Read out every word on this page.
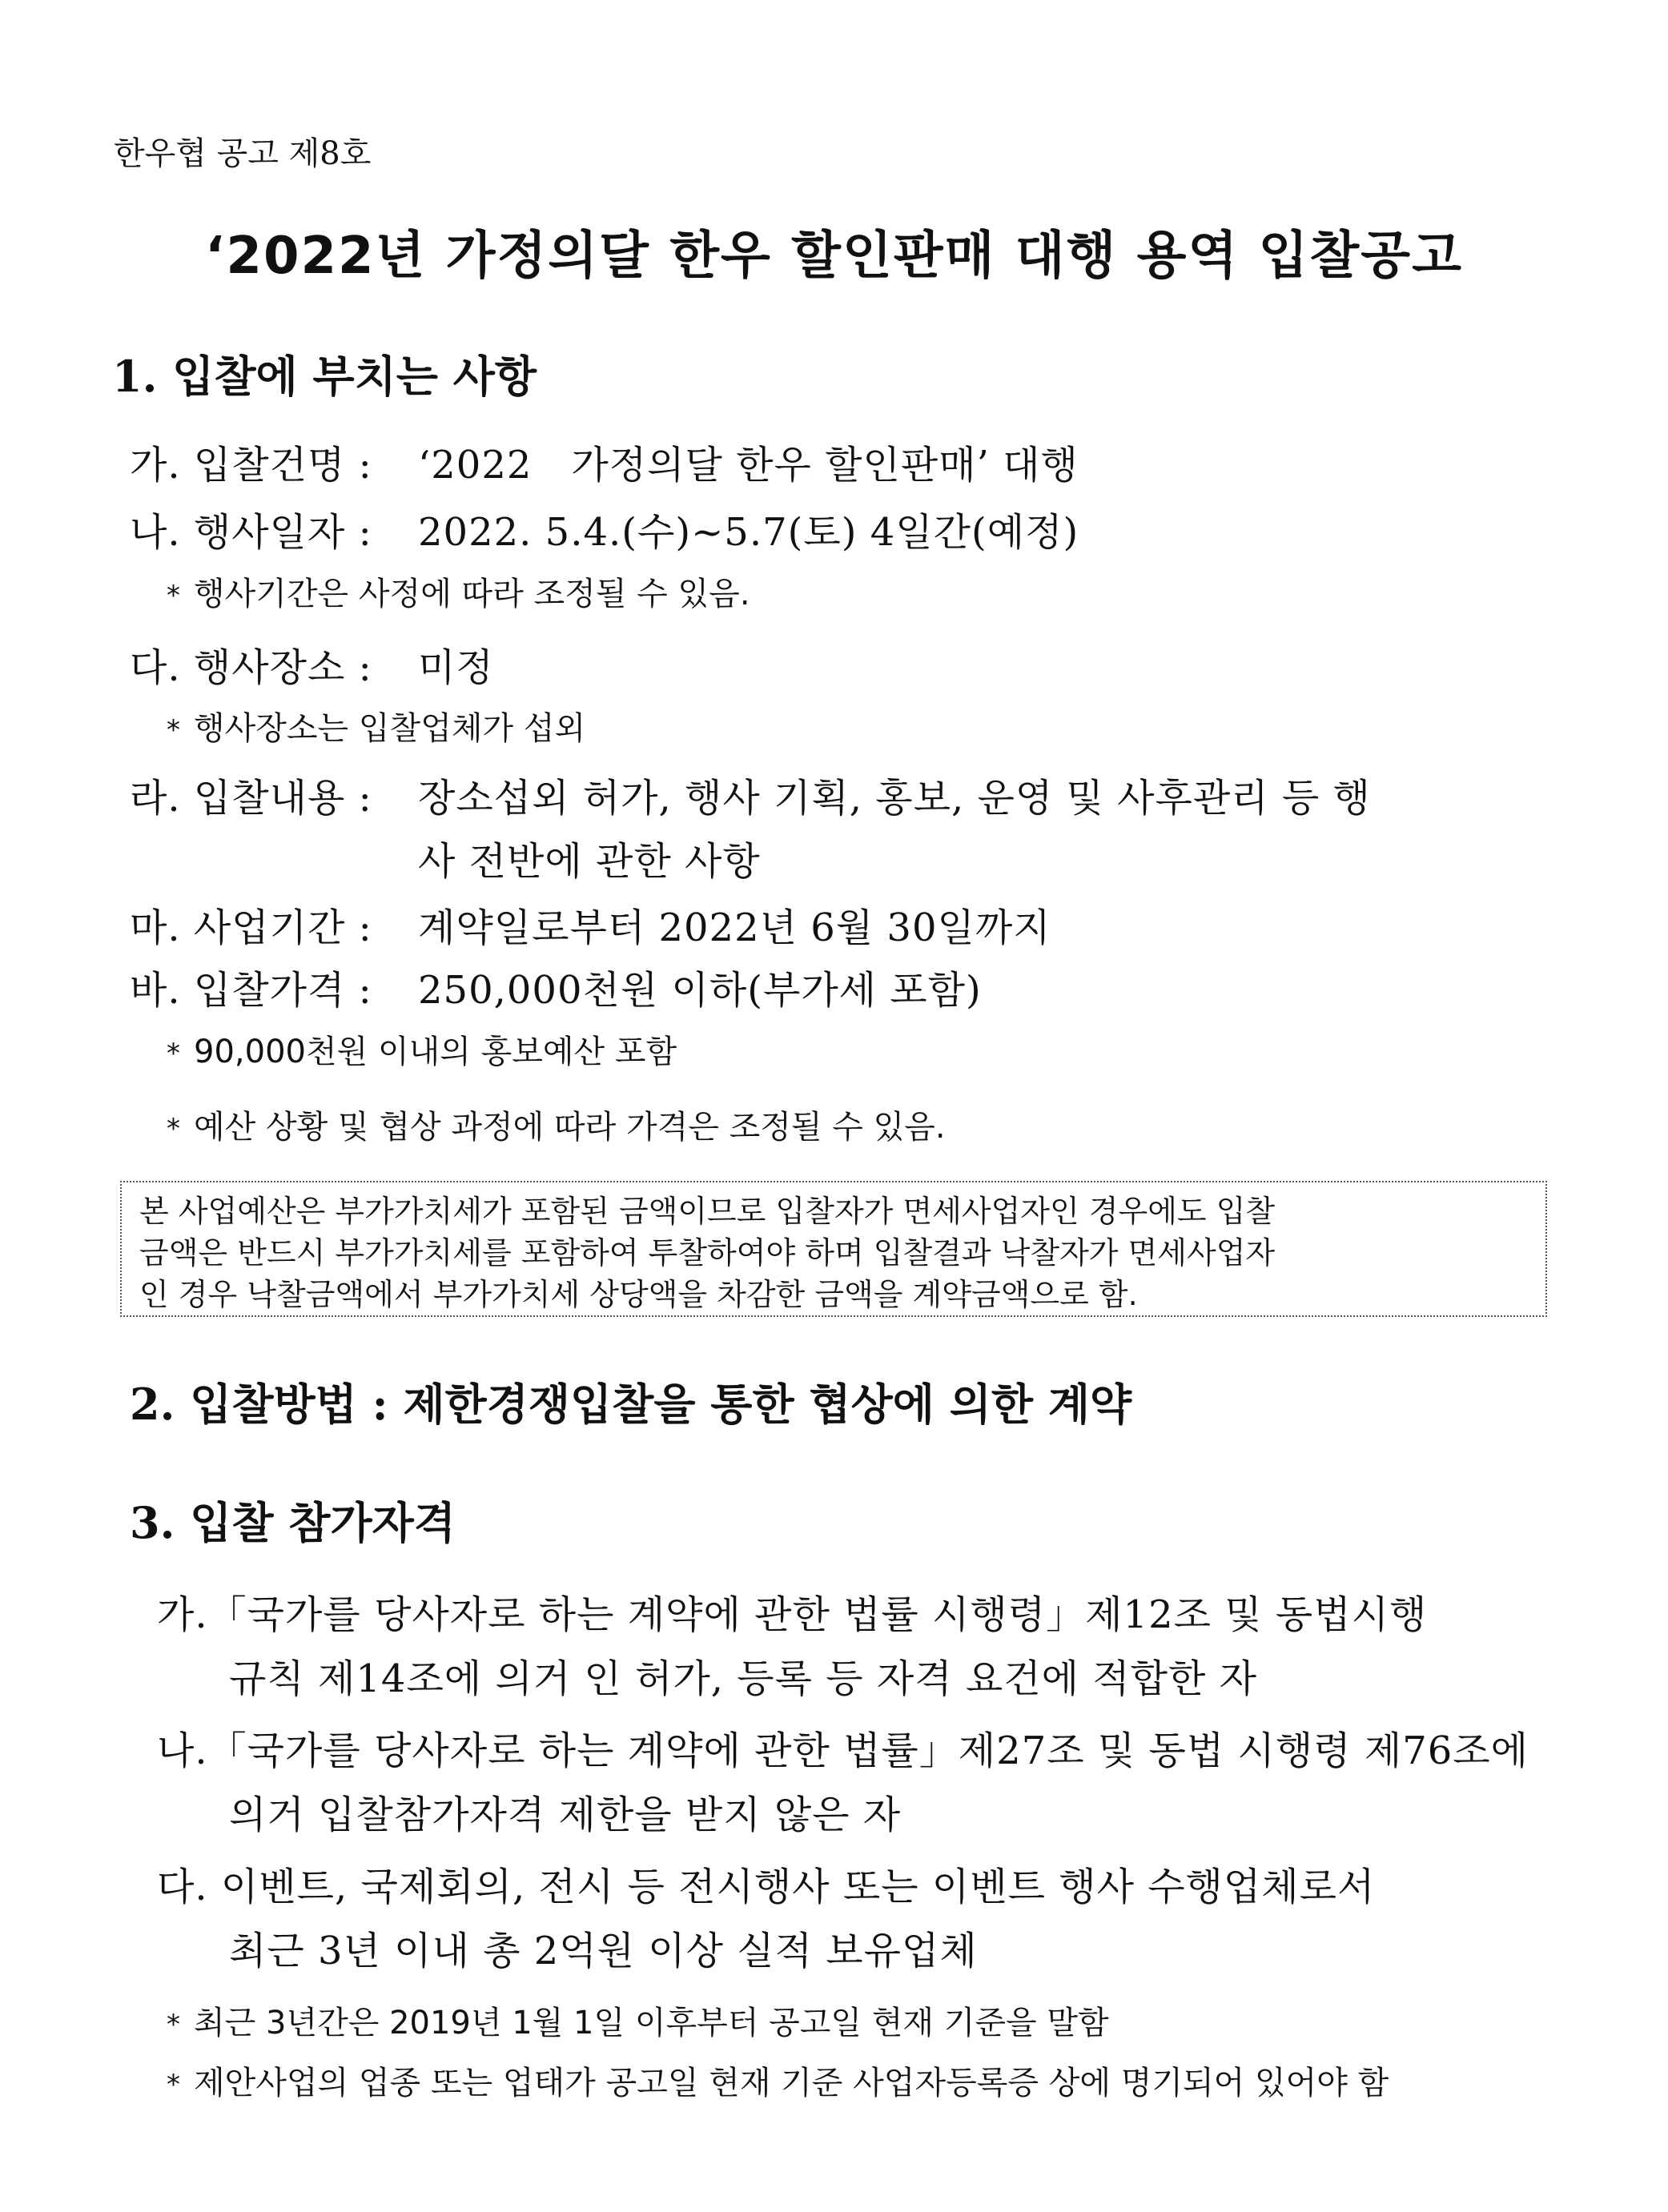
한우협 공고 제8호
‘2022년 가정의달 한우 할인판매 대행 용역 입찰공고
1. 입찰에 부치는 사항
가. 입찰건명 : ‘2022　가정의달 한우 할인판매’ 대행
나. 행사일자 : 2022. 5.4.(수)~5.7(토) 4일간(예정)
* 행사기간은 사정에 따라 조정될 수 있음.
다. 행사장소 : 미정
* 행사장소는 입찰업체가 섭외
라. 입찰내용 : 장소섭외 허가, 행사 기획, 홍보, 운영 및 사후관리 등 행
사 전반에 관한 사항
마. 사업기간 : 계약일로부터 2022년 6월 30일까지
바. 입찰가격 : 250,000천원 이하(부가세 포함)
* 90,000천원 이내의 홍보예산 포함
* 예산 상황 및 협상 과정에 따라 가격은 조정될 수 있음.
본 사업예산은 부가가치세가 포함된 금액이므로 입찰자가 면세사업자인 경우에도 입찰
금액은 반드시 부가가치세를 포함하여 투찰하여야 하며 입찰결과 낙찰자가 면세사업자
인 경우 낙찰금액에서 부가가치세 상당액을 차감한 금액을 계약금액으로 함.
2. 입찰방법 : 제한경쟁입찰을 통한 협상에 의한 계약
3. 입찰 참가자격
가.「국가를 당사자로 하는 계약에 관한 법률 시행령」제12조 및 동법시행
규칙 제14조에 의거 인 허가, 등록 등 자격 요건에 적합한 자
나.「국가를 당사자로 하는 계약에 관한 법률」제27조 및 동법 시행령 제76조에
의거 입찰참가자격 제한을 받지 않은 자
다. 이벤트, 국제회의, 전시 등 전시행사 또는 이벤트 행사 수행업체로서
최근 3년 이내 총 2억원 이상 실적 보유업체
* 최근 3년간은 2019년 1월 1일 이후부터 공고일 현재 기준을 말함
* 제안사업의 업종 또는 업태가 공고일 현재 기준 사업자등록증 상에 명기되어 있어야 함
